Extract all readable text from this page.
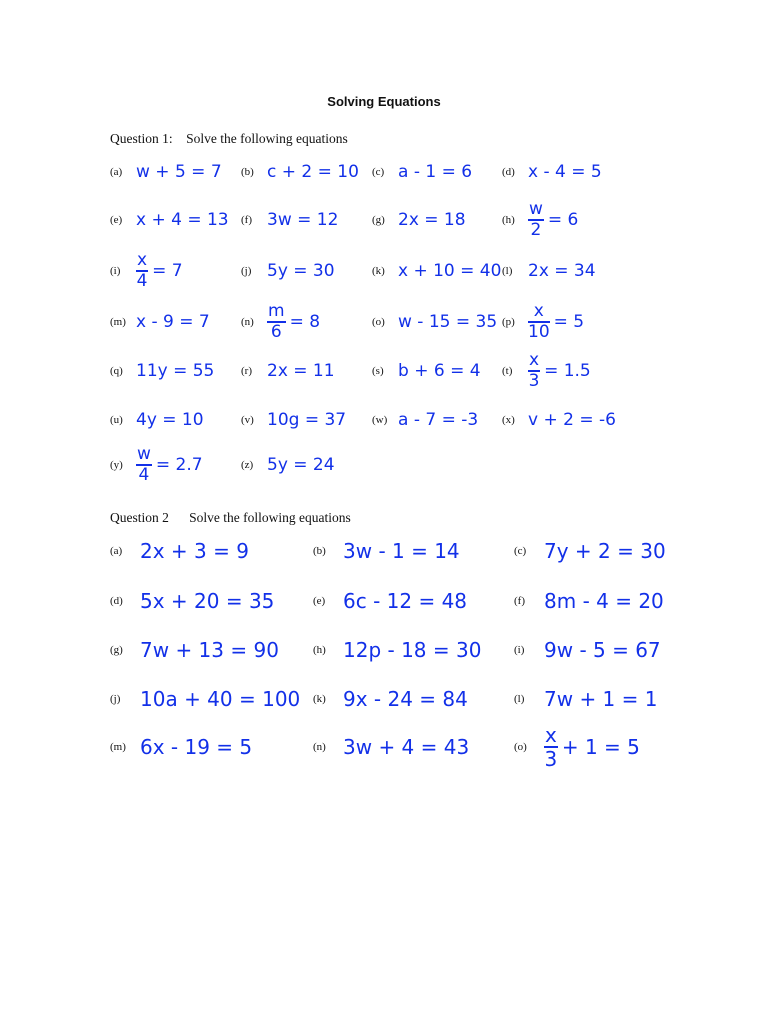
Solving Equations
Question 1:    Solve the following equations
(a) w + 5 = 7 (b) c + 2 = 10 (c) a - 1 = 6	(d) x - 4 = 5
(e) x + 4 = 13 (f) 3w = 12	(g) 2x = 18	$(h) \frac{w}{2} = 6$
$(i) \frac{x}{4} = 7$	(j) 5y = 30	(k) x + 10 = 40 (l) 2x = 34
(m) x - 9 = 7	$(n) \frac{m}{6} = 8$	(o) w - 15 = 35 $(p) \frac{x}{10} = 5$
(q) 11y = 55 (r) 2x = 11	(s) b + 6 = 4 $(t) \frac{x}{3} = 1.5$
(u) 4y = 10	(v) 10g = 37 (w) a - 7 = -3 (x) v + 2 = -6
$(y) \frac{w}{4} = 2.7$	(z) 5y = 24
Question 2      Solve the following equations
(a) 2x + 3 = 9	(b) 3w - 1 = 14	(c) 7y + 2 = 30
(d) 5x + 20 = 35	(e) 6c - 12 = 48	(f) 8m - 4 = 20
(g) 7w + 13 = 90	(h) 12p - 18 = 30	(i) 9w - 5 = 67
(j) 10a + 40 = 100 (k) 9x - 24 = 84	(l) 7w + 1 = 1
(m) 6x - 19 = 5	(n) 3w + 4 = 43	$(o) \frac{x}{3} + 1 = 5$
